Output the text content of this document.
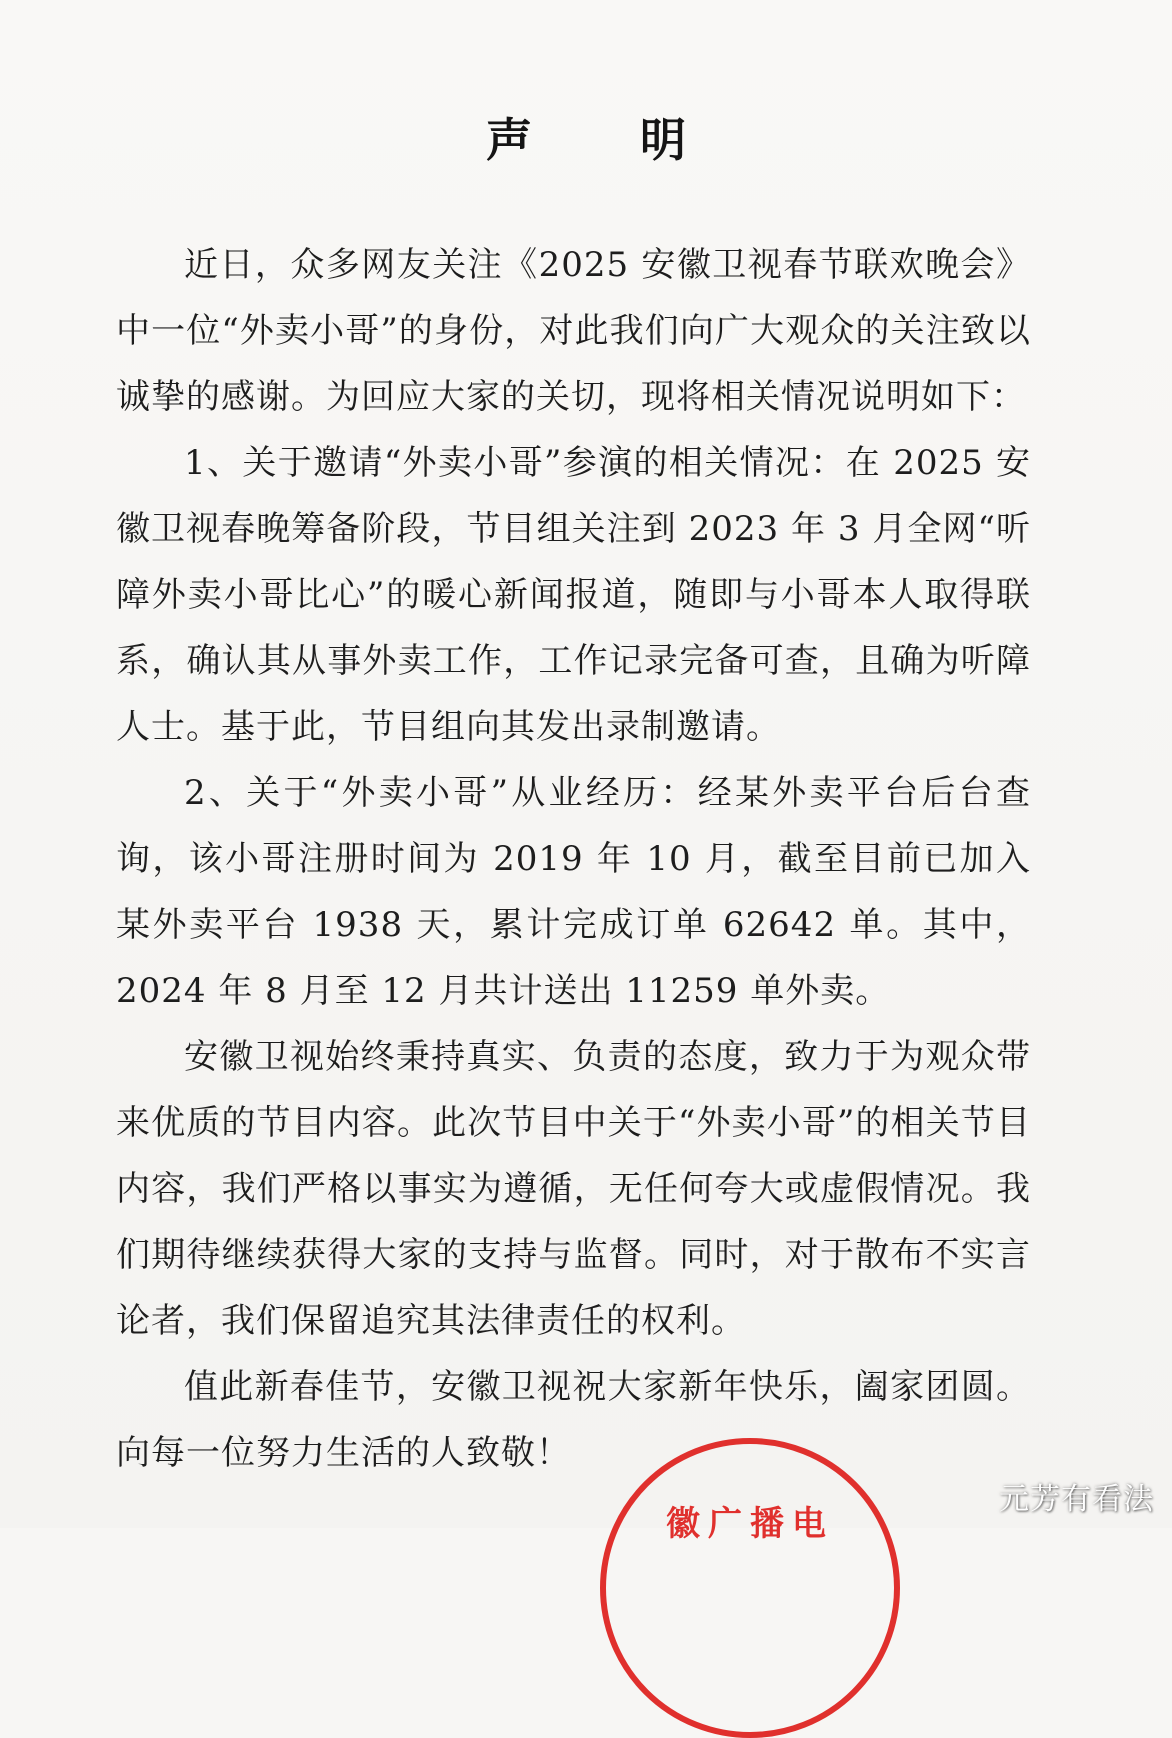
声 明

近日，众多网友关注《2025 安徽卫视春节联欢晚会》中一位“外卖小哥”的身份，对此我们向广大观众的关注致以诚挚的感谢。为回应大家的关切，现将相关情况说明如下：

1、关于邀请“外卖小哥”参演的相关情况：在 2025 安徽卫视春晚筹备阶段，节目组关注到 2023 年 3 月全网“听障外卖小哥比心”的暖心新闻报道，随即与小哥本人取得联系，确认其从事外卖工作，工作记录完备可查，且确为听障人士。基于此，节目组向其发出录制邀请。

2、关于“外卖小哥”从业经历：经某外卖平台后台查询，该小哥注册时间为 2019 年 10 月，截至目前已加入某外卖平台 1938 天，累计完成订单 62642 单。其中，2024 年 8 月至 12 月共计送出 11259 单外卖。

安徽卫视始终秉持真实、负责的态度，致力于为观众带来优质的节目内容。此次节目中关于“外卖小哥”的相关节目内容，我们严格以事实为遵循，无任何夸大或虚假情况。我们期待继续获得大家的支持与监督。同时，对于散布不实言论者，我们保留追究其法律责任的权利。

值此新春佳节，安徽卫视祝大家新年快乐，阖家团圆。向每一位努力生活的人致敬！

徽广播电
元芳有看法
